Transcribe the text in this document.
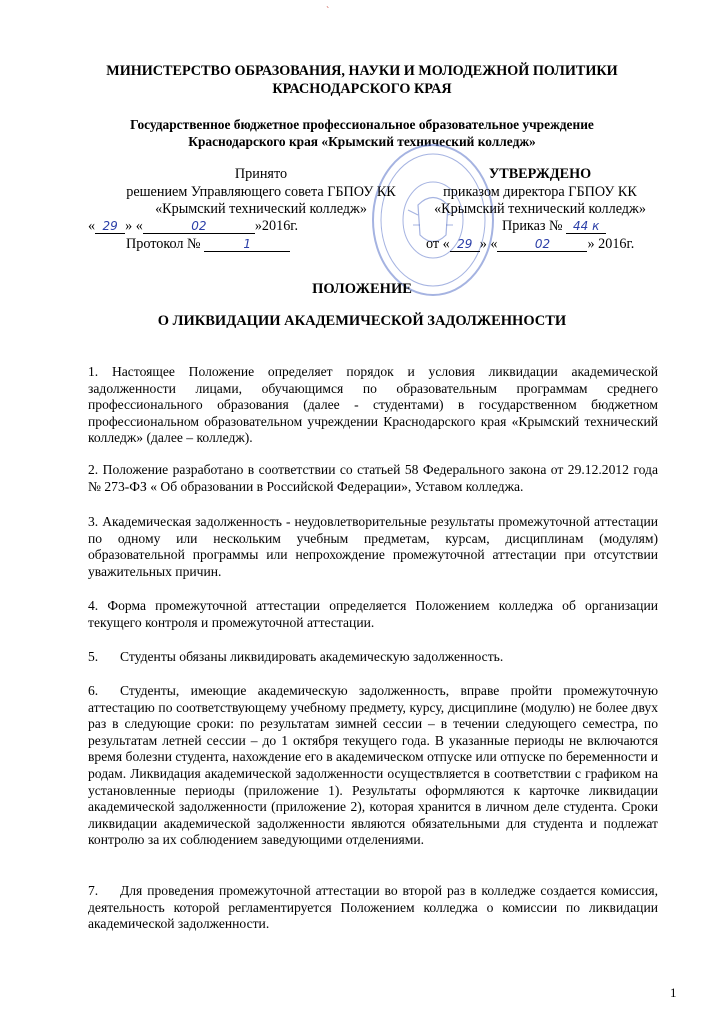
`
МИНИСТЕРСТВО ОБРАЗОВАНИЯ, НАУКИ И МОЛОДЕЖНОЙ ПОЛИТИКИ
КРАСНОДАРСКОГО КРАЯ
Государственное бюджетное профессиональное образовательное учреждение
Краснодарского края «Крымский технический колледж»
Принято
решением Управляющего совета ГБПОУ КК
«Крымский технический колледж»
« 29 » «	02	»2016г.
Протокол №	1
УТВЕРЖДЕНО
приказом директора ГБПОУ КК
«Крымский технический колледж»
Приказ № 44 к
от « 29 » «	02	» 2016г.
ПОЛОЖЕНИЕ
О ЛИКВИДАЦИИ АКАДЕМИЧЕСКОЙ ЗАДОЛЖЕННОСТИ
1. Настоящее Положение определяет порядок и условия ликвидации академической задолженности лицами, обучающимся по образовательным программам среднего профессионального образования (далее - студентами) в государственном бюджетном профессиональном образовательном учреждении Краснодарского края «Крымский технический колледж» (далее – колледж).
2. Положение разработано в соответствии со статьей 58 Федерального закона от 29.12.2012 года № 273-ФЗ « Об образовании в Российской Федерации», Уставом колледжа.
3. Академическая задолженность - неудовлетворительные результаты промежуточной аттестации по одному или нескольким учебным предметам, курсам, дисциплинам (модулям) образовательной программы или непрохождение промежуточной аттестации при отсутствии уважительных причин.
4. Форма промежуточной аттестации определяется Положением колледжа об организации текущего контроля и промежуточной аттестации.
5. Студенты обязаны ликвидировать академическую задолженность.
6. Студенты, имеющие академическую задолженность, вправе пройти промежуточную аттестацию по соответствующему учебному предмету, курсу, дисциплине (модулю) не более двух раз в следующие сроки: по результатам зимней сессии – в течении следующего семестра, по результатам летней сессии – до 1 октября текущего года. В указанные периоды не включаются время болезни студента, нахождение его в академическом отпуске или отпуске по беременности и родам. Ликвидация академической задолженности осуществляется в соответствии с графиком на установленные периоды (приложение 1). Результаты оформляются к карточке ликвидации академической задолженности (приложение 2), которая хранится в личном деле студента. Сроки ликвидации академической задолженности являются обязательными для студента и подлежат контролю за их соблюдением заведующими отделениями.
7. Для проведения промежуточной аттестации во второй раз в колледже создается комиссия, деятельность которой регламентируется Положением колледжа о комиссии по ликвидации академической задолженности.
1
